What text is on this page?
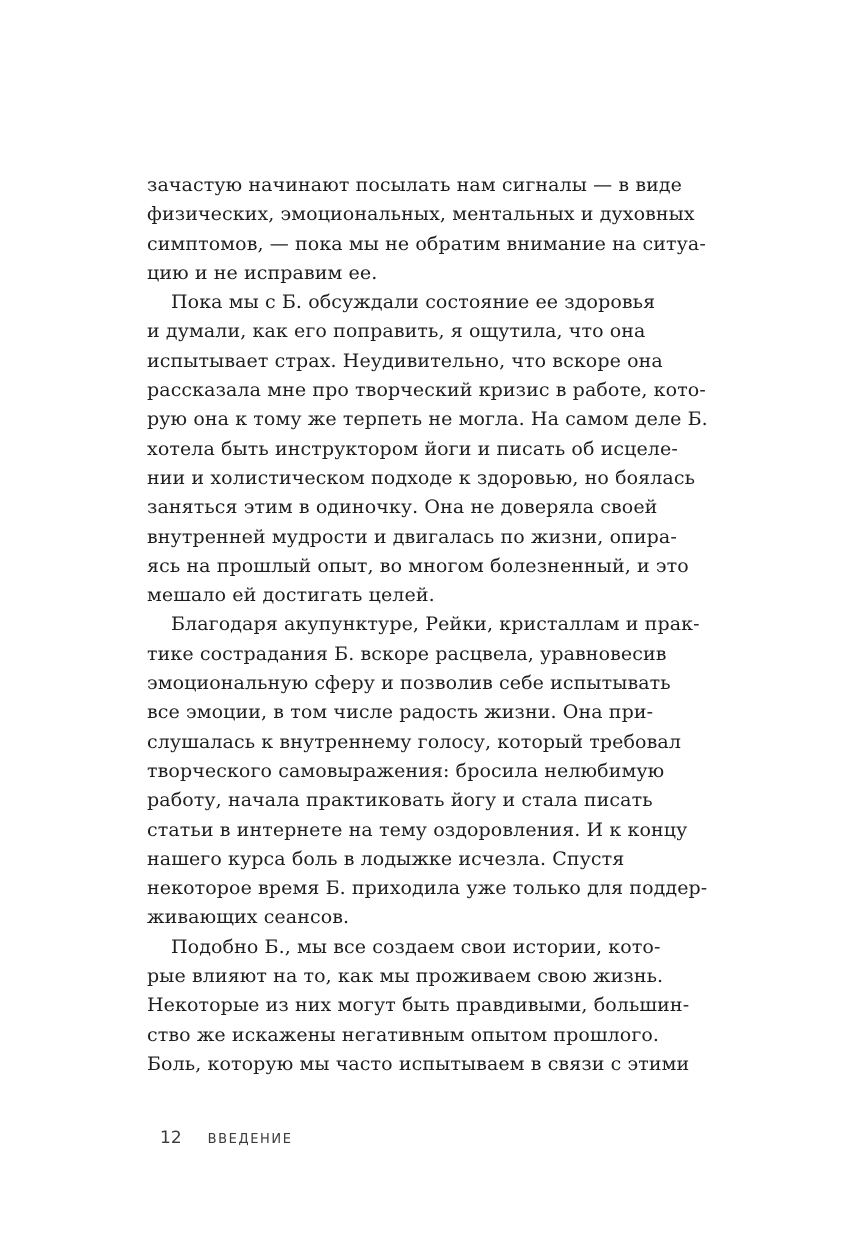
зачастую начинают посылать нам сигналы — в виде
физических, эмоциональных, ментальных и духовных
симптомов, — пока мы не обратим внимание на ситуа-
цию и не исправим ее.
Пока мы с Б. обсуждали состояние ее здоровья
и думали, как его поправить, я ощутила, что она
испытывает страх. Неудивительно, что вскоре она
рассказала мне про творческий кризис в работе, кото-
рую она к тому же терпеть не могла. На самом деле Б.
хотела быть инструктором йоги и писать об исцеле-
нии и холистическом подходе к здоровью, но боялась
заняться этим в одиночку. Она не доверяла своей
внутренней мудрости и двигалась по жизни, опира-
ясь на прошлый опыт, во многом болезненный, и это
мешало ей достигать целей.
Благодаря акупунктуре, Рейки, кристаллам и прак-
тике сострадания Б. вскоре расцвела, уравновесив
эмоциональную сферу и позволив себе испытывать
все эмоции, в том числе радость жизни. Она при-
слушалась к внутреннему голосу, который требовал
творческого самовыражения: бросила нелюбимую
работу, начала практиковать йогу и стала писать
статьи в интернете на тему оздоровления. И к концу
нашего курса боль в лодыжке исчезла. Спустя
некоторое время Б. приходила уже только для поддер-
живающих сеансов.
Подобно Б., мы все создаем свои истории, кото-
рые влияют на то, как мы проживаем свою жизнь.
Некоторые из них могут быть правдивыми, большин-
ство же искажены негативным опытом прошлого.
Боль, которую мы часто испытываем в связи с этими
12 ВВЕДЕНИЕ
